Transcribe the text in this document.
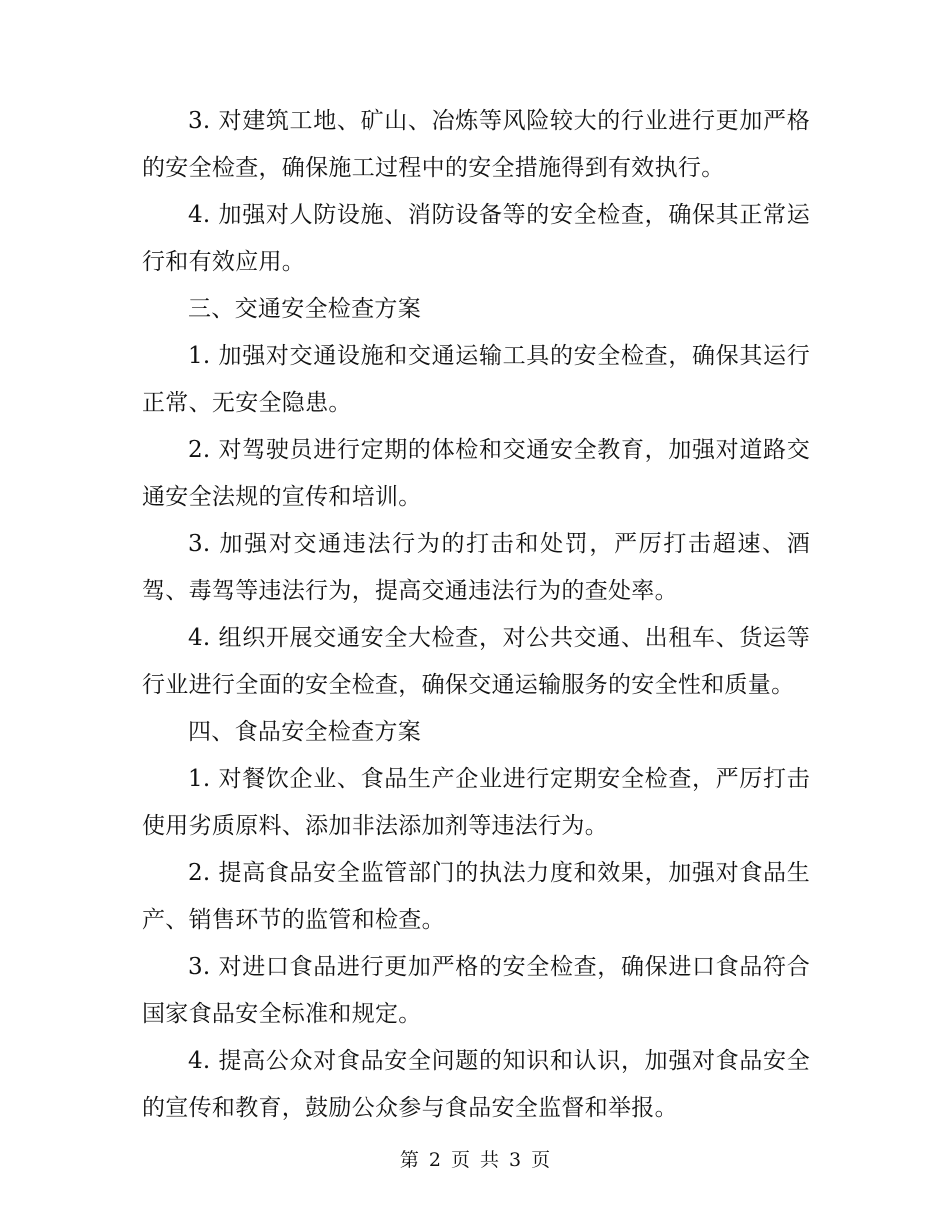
3. 对建筑工地、矿山、冶炼等风险较大的行业进行更加严格的安全检查，确保施工过程中的安全措施得到有效执行。

4. 加强对人防设施、消防设备等的安全检查，确保其正常运行和有效应用。

三、交通安全检查方案

1. 加强对交通设施和交通运输工具的安全检查，确保其运行正常、无安全隐患。

2. 对驾驶员进行定期的体检和交通安全教育，加强对道路交通安全法规的宣传和培训。

3. 加强对交通违法行为的打击和处罚，严厉打击超速、酒驾、毒驾等违法行为，提高交通违法行为的查处率。

4. 组织开展交通安全大检查，对公共交通、出租车、货运等行业进行全面的安全检查，确保交通运输服务的安全性和质量。

四、食品安全检查方案

1. 对餐饮企业、食品生产企业进行定期安全检查，严厉打击使用劣质原料、添加非法添加剂等违法行为。

2. 提高食品安全监管部门的执法力度和效果，加强对食品生产、销售环节的监管和检查。

3. 对进口食品进行更加严格的安全检查，确保进口食品符合国家食品安全标准和规定。

4. 提高公众对食品安全问题的知识和认识，加强对食品安全的宣传和教育，鼓励公众参与食品安全监督和举报。

第 2 页 共 3 页
